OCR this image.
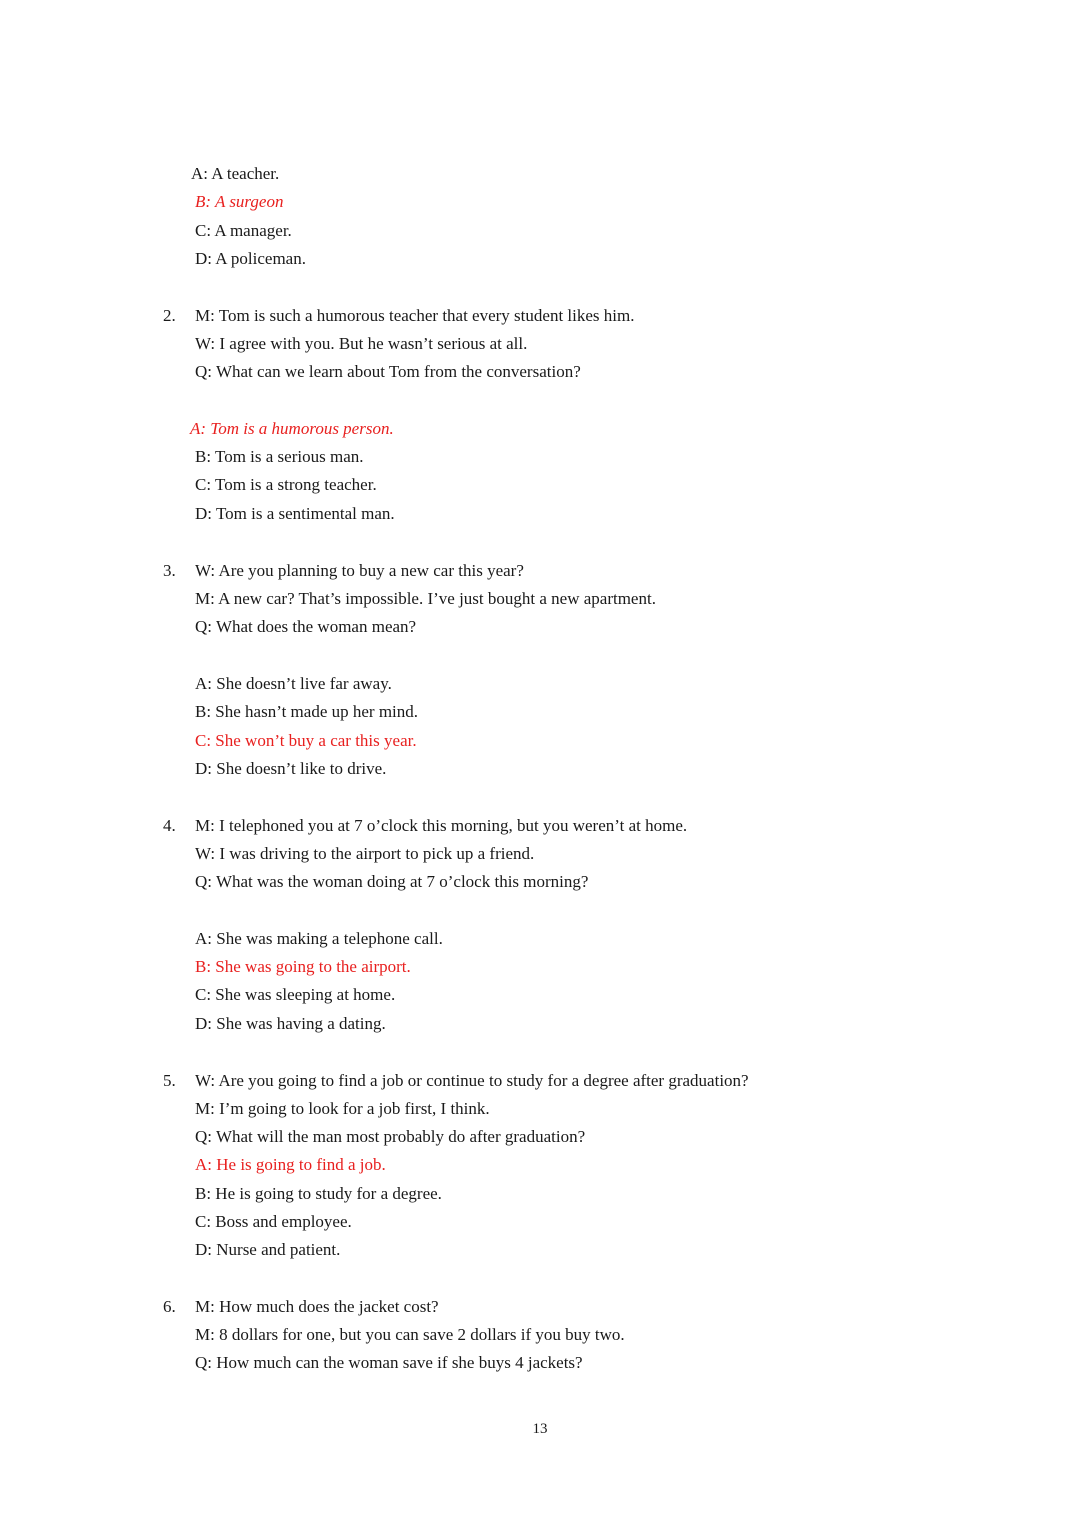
A: A teacher.
B: A surgeon
C: A manager.
D: A policeman.
2. M: Tom is such a humorous teacher that every student likes him.
W: I agree with you. But he wasn’t serious at all.
Q: What can we learn about Tom from the conversation?
A: Tom is a humorous person.
B: Tom is a serious man.
C: Tom is a strong teacher.
D: Tom is a sentimental man.
3. W: Are you planning to buy a new car this year?
M: A new car? That’s impossible. I’ve just bought a new apartment.
Q: What does the woman mean?
A: She doesn’t live far away.
B: She hasn’t made up her mind.
C: She won’t buy a car this year.
D: She doesn’t like to drive.
4. M: I telephoned you at 7 o’clock this morning, but you weren’t at home.
W: I was driving to the airport to pick up a friend.
Q: What was the woman doing at 7 o’clock this morning?
A: She was making a telephone call.
B: She was going to the airport.
C: She was sleeping at home.
D: She was having a dating.
5. W: Are you going to find a job or continue to study for a degree after graduation?
M: I’m going to look for a job first, I think.
Q: What will the man most probably do after graduation?
A: He is going to find a job.
B: He is going to study for a degree.
C: Boss and employee.
D: Nurse and patient.
6. M: How much does the jacket cost?
M: 8 dollars for one, but you can save 2 dollars if you buy two.
Q: How much can the woman save if she buys 4 jackets?
13
